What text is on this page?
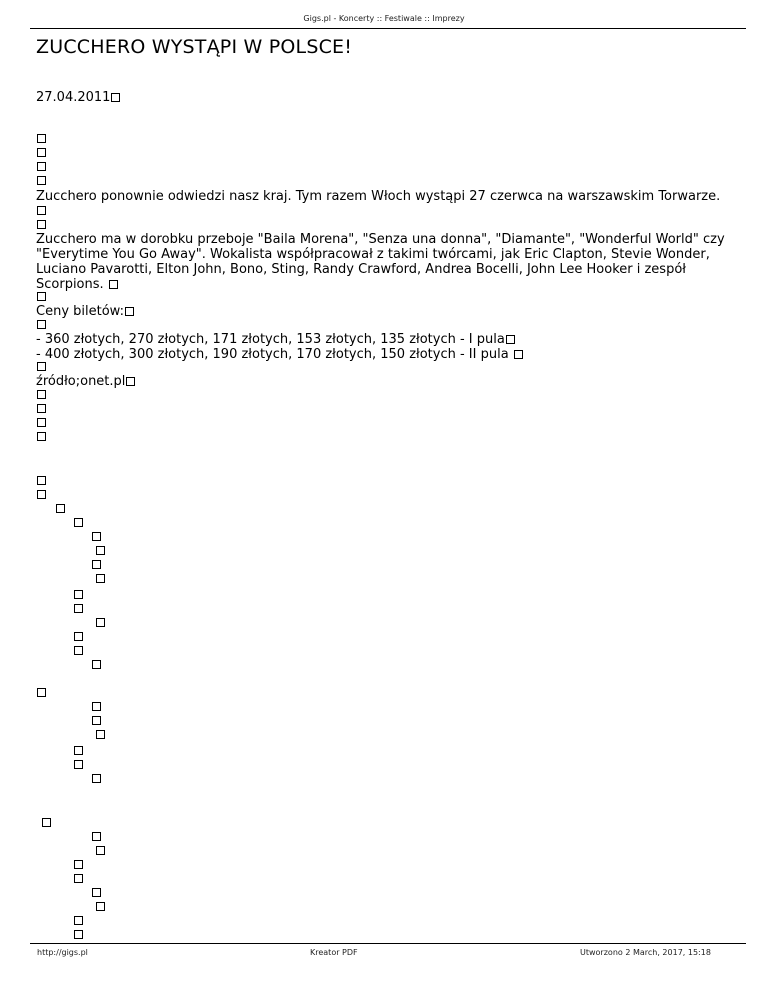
Gigs.pl - Koncerty :: Festiwale :: Imprezy
ZUCCHERO WYSTĄPI W POLSCE!
27.04.2011
Zucchero ponownie odwiedzi nasz kraj. Tym razem Włoch wystąpi 27 czerwca na warszawskim Torwarze.
Zucchero ma w dorobku przeboje "Baila Morena", "Senza una donna", "Diamante", "Wonderful World" czy
"Everytime You Go Away". Wokalista współpracował z takimi twórcami, jak Eric Clapton, Stevie Wonder,
Luciano Pavarotti, Elton John, Bono, Sting, Randy Crawford, Andrea Bocelli, John Lee Hooker i zespół
Scorpions.
Ceny biletów:
- 360 złotych, 270 złotych, 171 złotych, 153 złotych, 135 złotych - I pula
- 400 złotych, 300 złotych, 190 złotych, 170 złotych, 150 złotych - II pula
źródło;onet.pl
http://gigs.pl	Kreator PDF	Utworzono 2 March, 2017, 15:18
